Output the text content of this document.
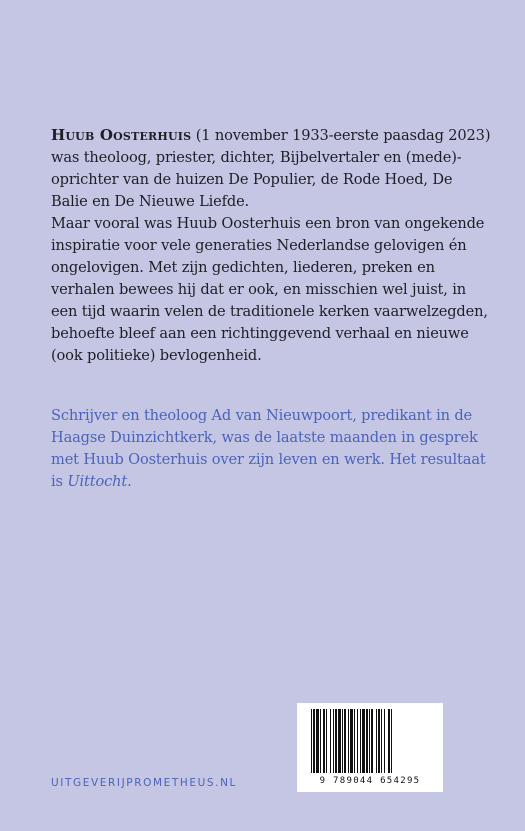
Huub Oosterhuis (1 november 1933-eerste paasdag 2023) was theoloog, priester, dichter, Bijbelvertaler en (mede)-oprichter van de huizen De Populier, de Rode Hoed, De Balie en De Nieuwe Liefde.

Maar vooral was Huub Oosterhuis een bron van ongekende inspiratie voor vele generaties Nederlandse gelovigen én ongelovigen. Met zijn gedichten, liederen, preken en verhalen bewees hij dat er ook, en misschien wel juist, in een tijd waarin velen de traditionele kerken vaarwelzegden, behoefte bleef aan een richtinggevend verhaal en nieuwe (ook politieke) bevlogenheid.

Schrijver en theoloog Ad van Nieuwpoort, predikant in de Haagse Duinzichtkerk, was de laatste maanden in gesprek met Huub Oosterhuis over zijn leven en werk. Het resultaat is Uittocht.

UITGEVERIJPROMETHEUS.NL	9 789044 654295
